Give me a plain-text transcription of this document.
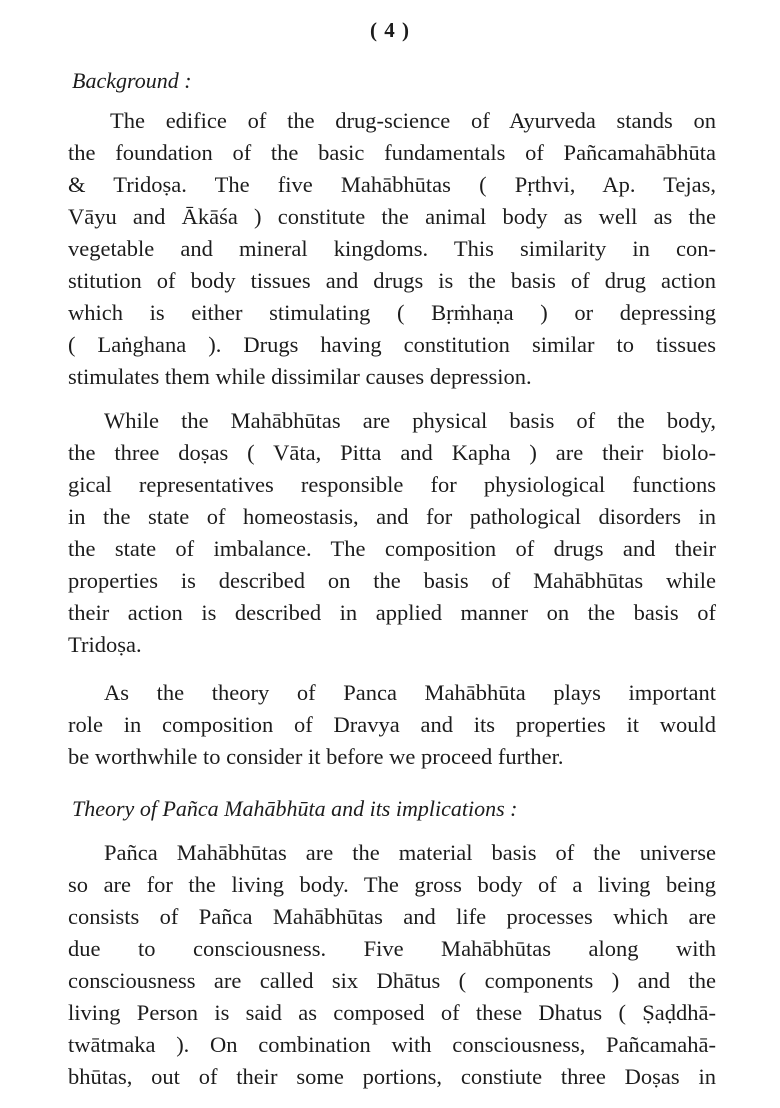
( 4 )
Background :
The edifice of the drug-science of Ayurveda stands on
the foundation of the basic fundamentals of Pañcamahābhūta
& Tridoṣa. The five Mahābhūtas ( Pṛthvi, Ap. Tejas,
Vāyu and Ākāśa ) constitute the animal body as well as the
vegetable and mineral kingdoms. This similarity in con-
stitution of body tissues and drugs is the basis of drug action
which is either stimulating ( Bṛṁhaṇa ) or depressing
( Laṅghana ). Drugs having constitution similar to tissues
stimulates them while dissimilar causes depression.
While the Mahābhūtas are physical basis of the body,
the three doṣas ( Vāta, Pitta and Kapha ) are their biolo-
gical representatives responsible for physiological functions
in the state of homeostasis, and for pathological disorders in
the state of imbalance. The composition of drugs and their
properties is described on the basis of Mahābhūtas while
their action is described in applied manner on the basis of
Tridoṣa.
As the theory of Panca Mahābhūta plays important
role in composition of Dravya and its properties it would
be worthwhile to consider it before we proceed further.
Theory of Pañca Mahābhūta and its implications :
Pañca Mahābhūtas are the material basis of the universe
so are for the living body. The gross body of a living being
consists of Pañca Mahābhūtas and life processes which are
due to consciousness. Five Mahābhūtas along with
consciousness are called six Dhātus ( components ) and the
living Person is said as composed of these Dhatus ( Ṣaḍdhā-
twātmaka ). On combination with consciousness, Pañcamahā-
bhūtas, out of their some portions, constiute three Doṣas in
